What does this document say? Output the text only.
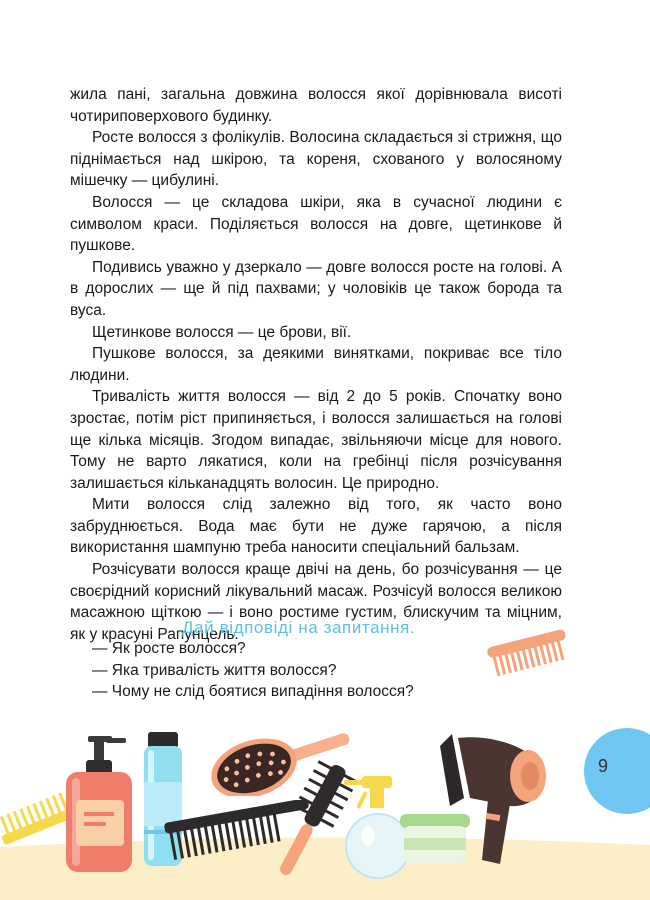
жила пані, загальна довжина волосся якої дорівнювала висоті чотириповерхового будинку.

Росте волосся з фолікулів. Волосина складається зі стрижня, що піднімається над шкірою, та кореня, схованого у волосяному мішечку — цибулині.

Волосся — це складова шкіри, яка в сучасної людини є символом краси. Поділяється волосся на довге, щетинкове й пушкове.

Подивись уважно у дзеркало — довге волосся росте на голові. А в дорослих — ще й під пахвами; у чоловіків це також борода та вуса.

Щетинкове волосся — це брови, вії.

Пушкове волосся, за деякими винятками, покриває все тіло людини.

Тривалість життя волосся — від 2 до 5 років. Спочатку воно зростає, потім ріст припиняється, і волосся залишається на голові ще кілька місяців. Згодом випадає, звільняючи місце для нового. Тому не варто лякатися, коли на гребінці після розчісування залишається кільканадцять волосин. Це природно.

Мити волосся слід залежно від того, як часто воно забруднюється. Вода має бути не дуже гарячою, а після використання шампуню треба наносити спеціальний бальзам.

Розчісувати волосся краще двічі на день, бо розчісування — це своєрідний корисний лікувальний масаж. Розчісуй волосся великою масажною щіткою — і воно ростиме густим, блискучим та міцним, як у красуні Рапунцель.

Дай відповіді на запитання.

— Як росте волосся?

— Яка тривалість життя волосся?

— Чому не слід боятися випадіння волосся?

9
